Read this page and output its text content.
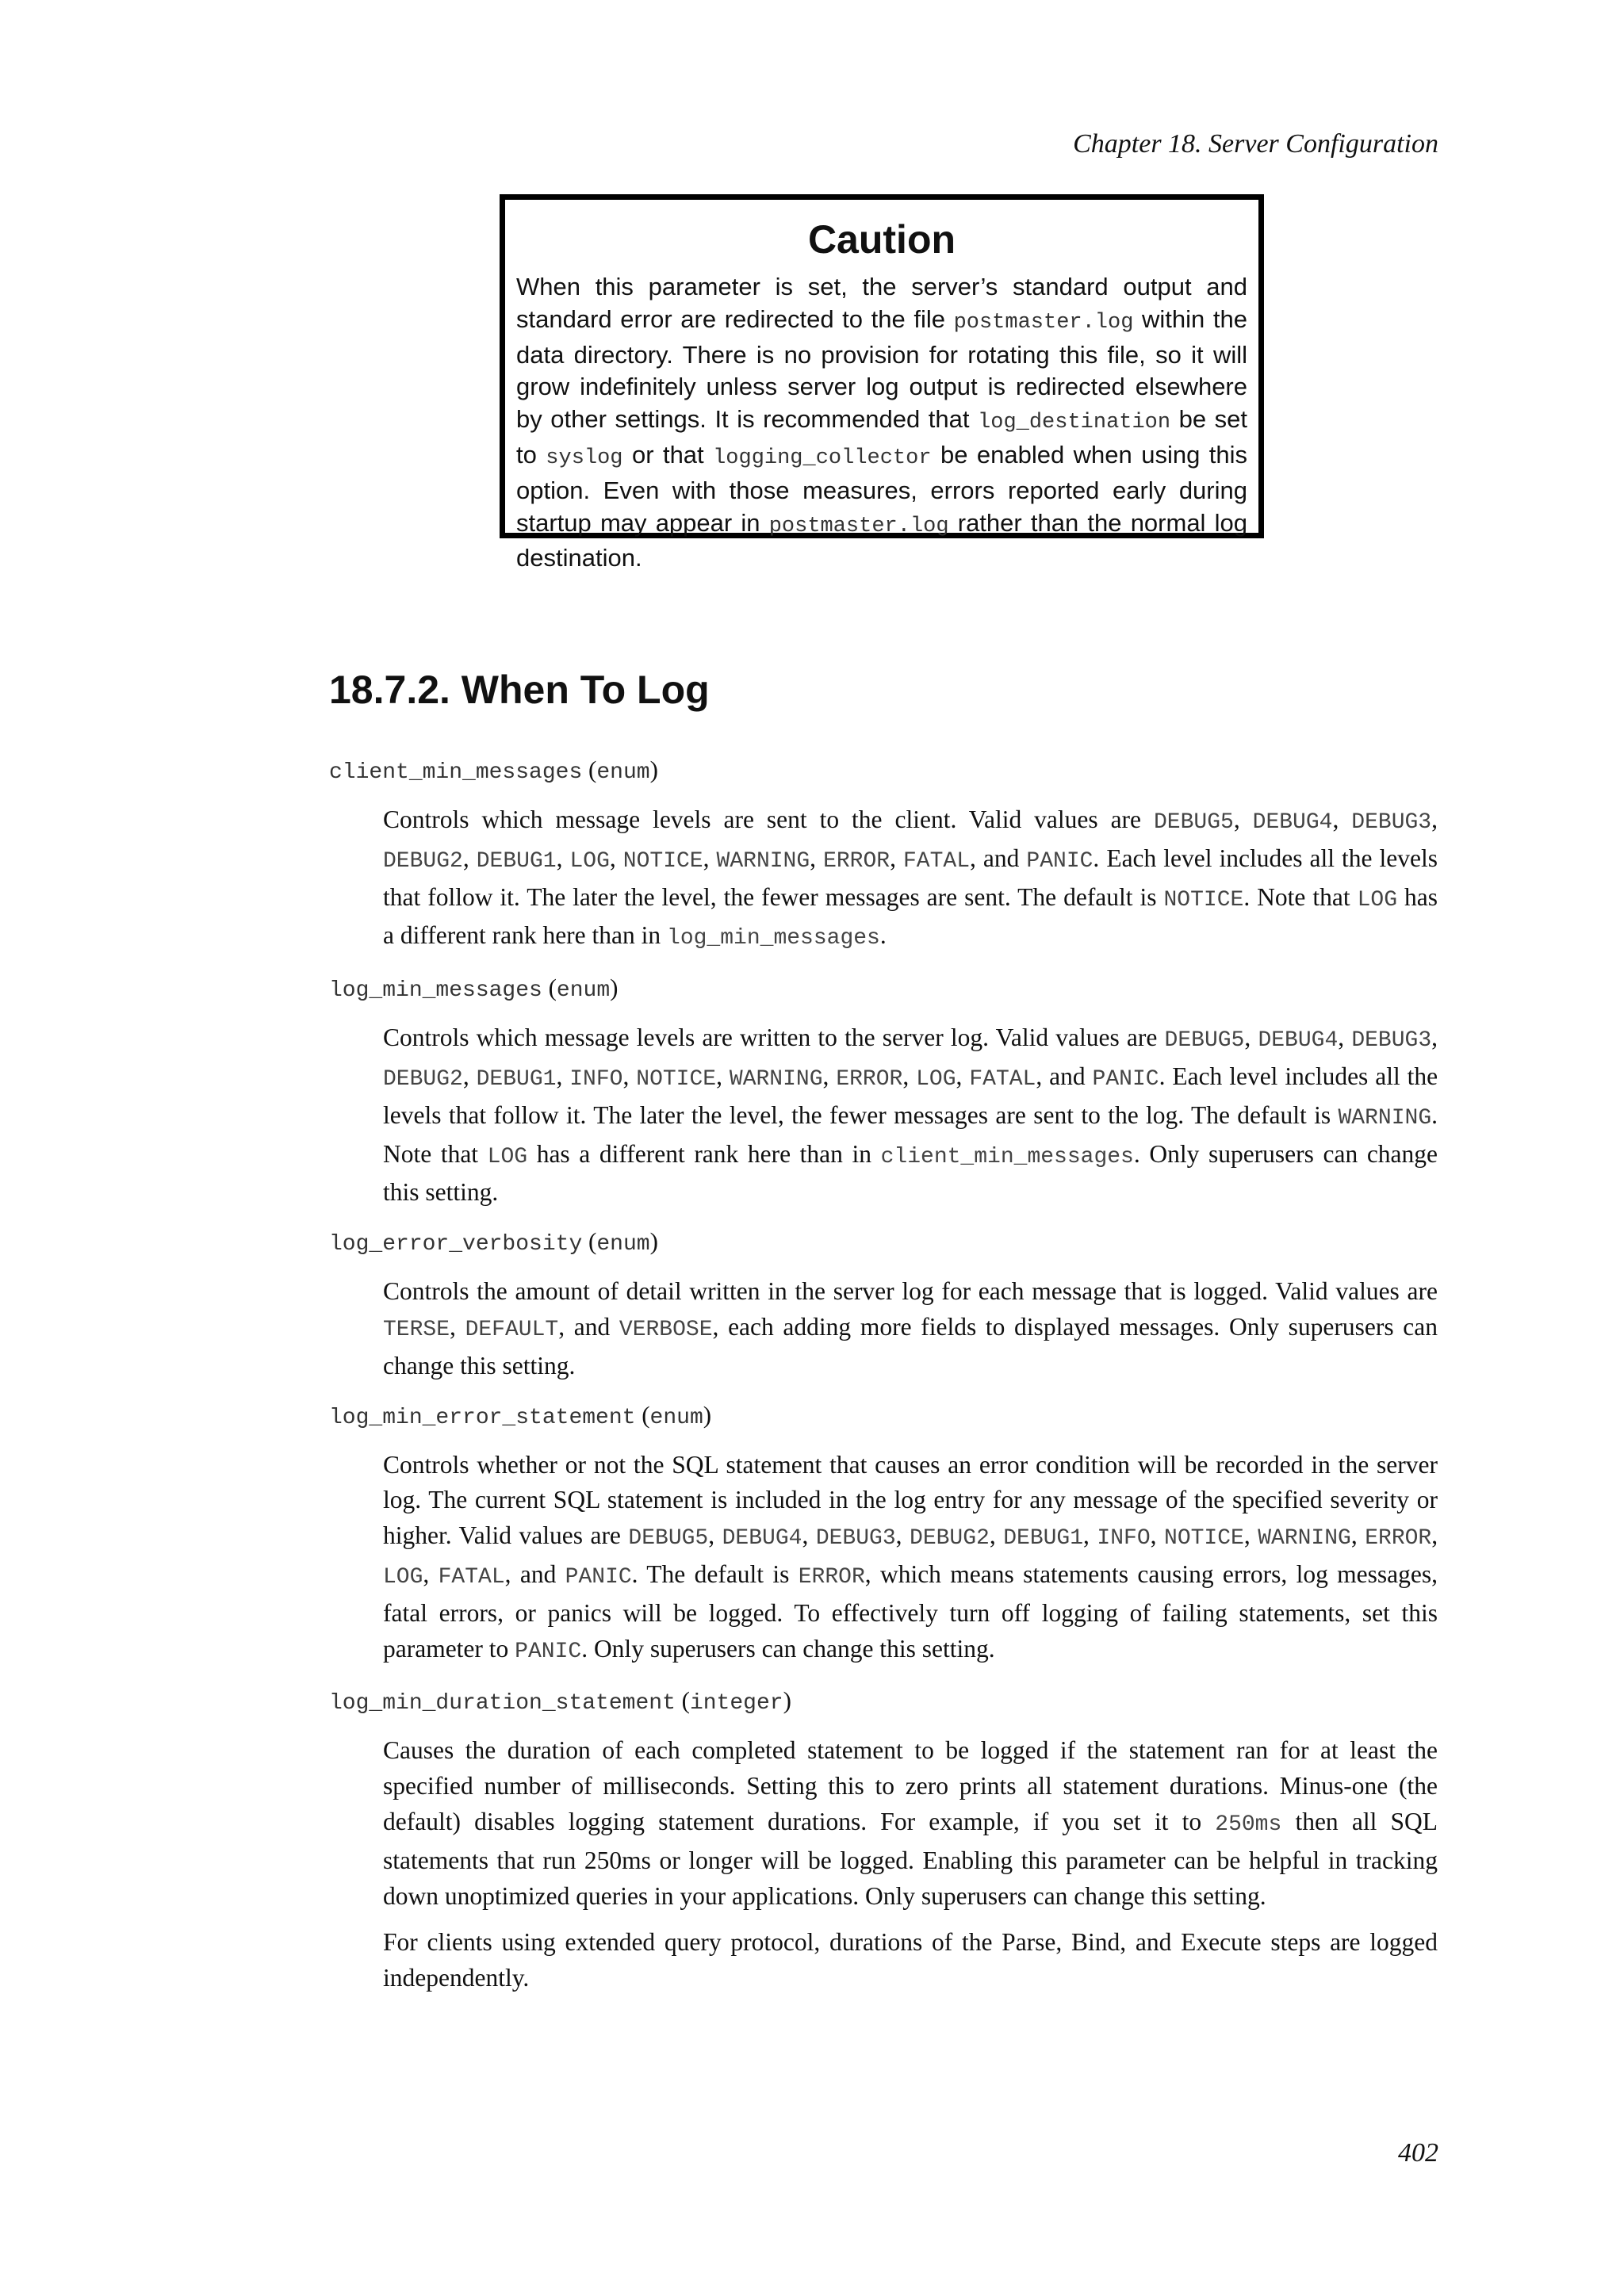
Chapter 18. Server Configuration
Caution

When this parameter is set, the server’s standard output and standard error are redirected to the file postmaster.log within the data directory. There is no provision for rotating this file, so it will grow indefinitely unless server log output is redirected elsewhere by other settings. It is recommended that log_destination be set to syslog or that logging_collector be enabled when using this option. Even with those measures, errors reported early during startup may appear in postmaster.log rather than the normal log destination.

18.7.2. When To Log
client_min_messages (enum)

Controls which message levels are sent to the client. Valid values are DEBUG5, DEBUG4, DEBUG3, DEBUG2, DEBUG1, LOG, NOTICE, WARNING, ERROR, FATAL, and PANIC. Each level includes all the levels that follow it. The later the level, the fewer messages are sent. The default is NOTICE. Note that LOG has a different rank here than in log_min_messages.

log_min_messages (enum)

Controls which message levels are written to the server log. Valid values are DEBUG5, DEBUG4, DEBUG3, DEBUG2, DEBUG1, INFO, NOTICE, WARNING, ERROR, LOG, FATAL, and PANIC. Each level includes all the levels that follow it. The later the level, the fewer messages are sent to the log. The default is WARNING. Note that LOG has a different rank here than in client_min_messages. Only superusers can change this setting.

log_error_verbosity (enum)

Controls the amount of detail written in the server log for each message that is logged. Valid values are TERSE, DEFAULT, and VERBOSE, each adding more fields to displayed messages. Only superusers can change this setting.

log_min_error_statement (enum)

Controls whether or not the SQL statement that causes an error condition will be recorded in the server log. The current SQL statement is included in the log entry for any message of the specified severity or higher. Valid values are DEBUG5, DEBUG4, DEBUG3, DEBUG2, DEBUG1, INFO, NOTICE, WARNING, ERROR, LOG, FATAL, and PANIC. The default is ERROR, which means statements causing errors, log messages, fatal errors, or panics will be logged. To effectively turn off logging of failing statements, set this parameter to PANIC. Only superusers can change this setting.

log_min_duration_statement (integer)

Causes the duration of each completed statement to be logged if the statement ran for at least the specified number of milliseconds. Setting this to zero prints all statement durations. Minus-one (the default) disables logging statement durations. For example, if you set it to 250ms then all SQL statements that run 250ms or longer will be logged. Enabling this parameter can be helpful in tracking down unoptimized queries in your applications. Only superusers can change this setting.

For clients using extended query protocol, durations of the Parse, Bind, and Execute steps are logged independently.

402
